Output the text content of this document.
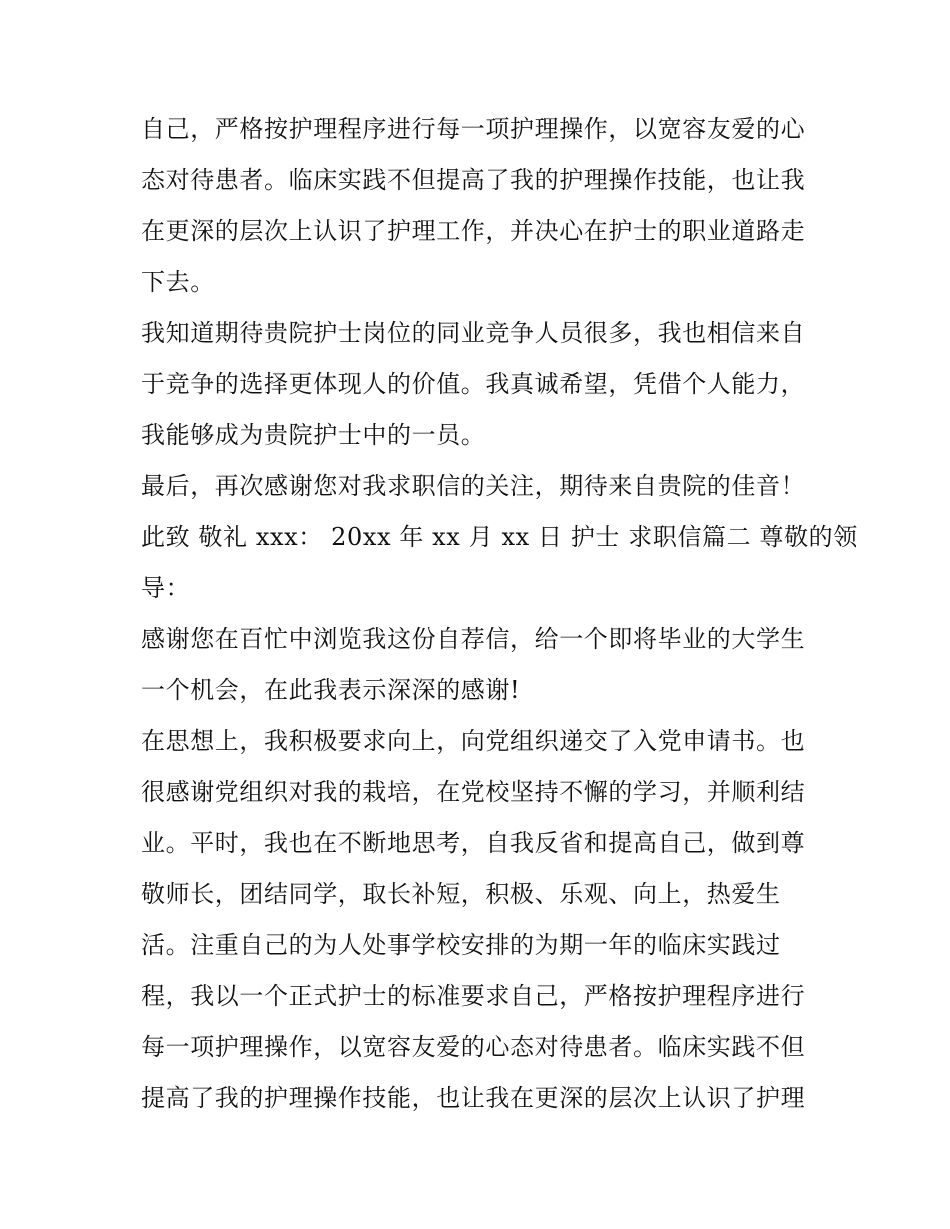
自己，严格按护理程序进行每一项护理操作，以宽容友爱的心
态对待患者。临床实践不但提高了我的护理操作技能，也让我
在更深的层次上认识了护理工作，并决心在护士的职业道路走
下去。
我知道期待贵院护士岗位的同业竞争人员很多，我也相信来自
于竞争的选择更体现人的价值。我真诚希望，凭借个人能力，
我能够成为贵院护士中的一员。
最后，再次感谢您对我求职信的关注，期待来自贵院的佳音！
此致 敬礼 xxx： 20xx 年 xx 月 xx 日 护士 求职信篇二 尊敬的领
导：
感谢您在百忙中浏览我这份自荐信，给一个即将毕业的大学生
一个机会，在此我表示深深的感谢!
在思想上，我积极要求向上，向党组织递交了入党申请书。也
很感谢党组织对我的栽培，在党校坚持不懈的学习，并顺利结
业。平时，我也在不断地思考，自我反省和提高自己，做到尊
敬师长，团结同学，取长补短，积极、乐观、向上，热爱生
活。注重自己的为人处事学校安排的为期一年的临床实践过
程，我以一个正式护士的标准要求自己，严格按护理程序进行
每一项护理操作，以宽容友爱的心态对待患者。临床实践不但
提高了我的护理操作技能，也让我在更深的层次上认识了护理
